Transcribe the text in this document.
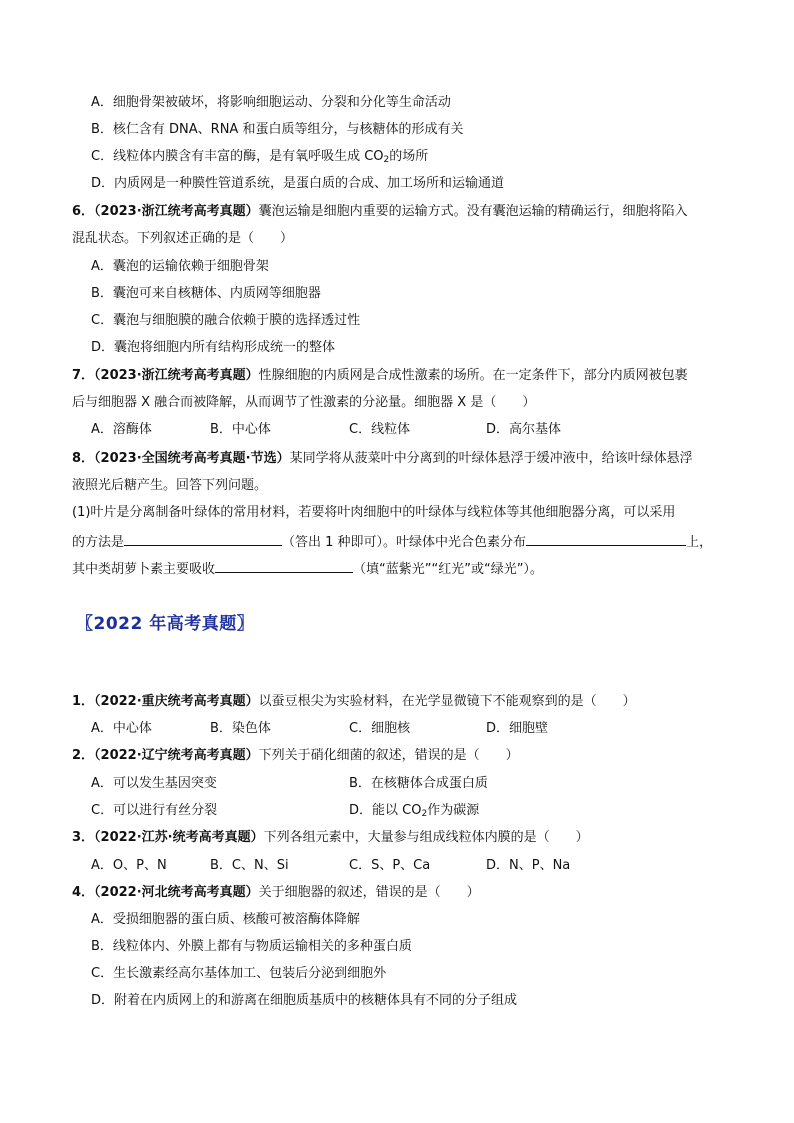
A．细胞骨架被破坏，将影响细胞运动、分裂和分化等生命活动
B．核仁含有 DNA、RNA 和蛋白质等组分，与核糖体的形成有关
C．线粒体内膜含有丰富的酶，是有氧呼吸生成 $CO_2$的场所
D．内质网是一种膜性管道系统，是蛋白质的合成、加工场所和运输通道
6．（2023·浙江统考高考真题）囊泡运输是细胞内重要的运输方式。没有囊泡运输的精确运行，细胞将陷入
混乱状态。下列叙述正确的是（　　）
A．囊泡的运输依赖于细胞骨架
B．囊泡可来自核糖体、内质网等细胞器
C．囊泡与细胞膜的融合依赖于膜的选择透过性
D．囊泡将细胞内所有结构形成统一的整体
7．（2023·浙江统考高考真题）性腺细胞的内质网是合成性激素的场所。在一定条件下，部分内质网被包裹
后与细胞器 X 融合而被降解，从而调节了性激素的分泌量。细胞器 X 是（　　）
A．溶酶体	B．中心体	C．线粒体	D．高尔基体
8．（2023·全国统考高考真题·节选）某同学将从菠菜叶中分离到的叶绿体悬浮于缓冲液中，给该叶绿体悬浮
液照光后糖产生。回答下列问题。
(1)叶片是分离制备叶绿体的常用材料，若要将叶肉细胞中的叶绿体与线粒体等其他细胞器分离，可以采用
的方法是	（答出 1 种即可）。叶绿体中光合色素分布	上，
其中类胡萝卜素主要吸收	（填“蓝紫光”“红光”或“绿光”）。
〖2022 年高考真题〗
1．（2022·重庆统考高考真题）以蚕豆根尖为实验材料，在光学显微镜下不能观察到的是（　　）
A．中心体	B．染色体	C．细胞核	D．细胞壁
2．（2022·辽宁统考高考真题）下列关于硝化细菌的叙述，错误的是（　　）
A．可以发生基因突变	B．在核糖体合成蛋白质
C．可以进行有丝分裂	D．能以 $CO_2$作为碳源
3．（2022·江苏·统考高考真题）下列各组元素中，大量参与组成线粒体内膜的是（　　）
A．O、P、N	B．C、N、Si	C．S、P、Ca	D．N、P、Na
4．（2022·河北统考高考真题）关于细胞器的叙述，错误的是（　　）
A．受损细胞器的蛋白质、核酸可被溶酶体降解
B．线粒体内、外膜上都有与物质运输相关的多种蛋白质
C．生长激素经高尔基体加工、包装后分泌到细胞外
D．附着在内质网上的和游离在细胞质基质中的核糖体具有不同的分子组成
